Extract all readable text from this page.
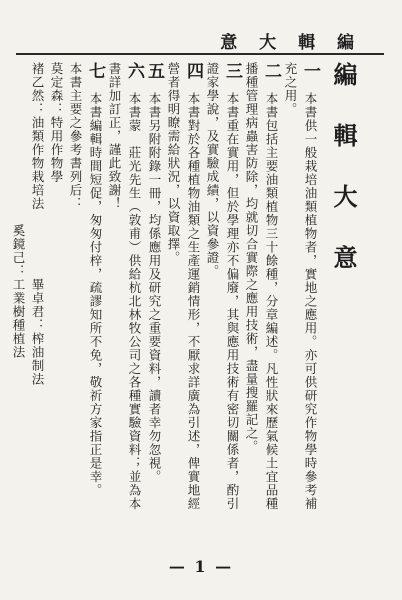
意 大 輯 編
編 輯 大 意
一本書供一般栽培油類植物者，實地之應用。亦可供研究作物學時參考補充之用。
二本書包括主要油類植物三十餘種，分章編述。凡性狀來歷氣候土宜品種播種管理病蟲害防除，均就切合實際之應用技術，盡量搜羅記之。
三本書重在實用，但於學理亦不偏廢，其與應用技術有密切關係者，酌引證家學說，及實驗成績，以資參證。
四本書對於各種植物油類之生產運銷情形，不厭求詳廣為引述，俾實地經營者得明瞭需給狀況，以資取擇。
五本書另附附錄一冊，均係應用及研究之重要資料，讀者幸勿忽視。
六本書蒙　莊光先生（敦甫）供給杭北林牧公司之各種實驗資料；並為本書詳加訂正，謹此致謝！
七本書編輯時間短促，匆匆付梓，疏謬知所不免，敬祈方家指正是幸。
本書主要之參考書列后：
莫定森：特用作物學
褚乙然：油類作物栽培法　　　　　畢卓君：榨油制法
　　　　　　　　　　　　奚鏡己：工業樹種植法
— 1 —
